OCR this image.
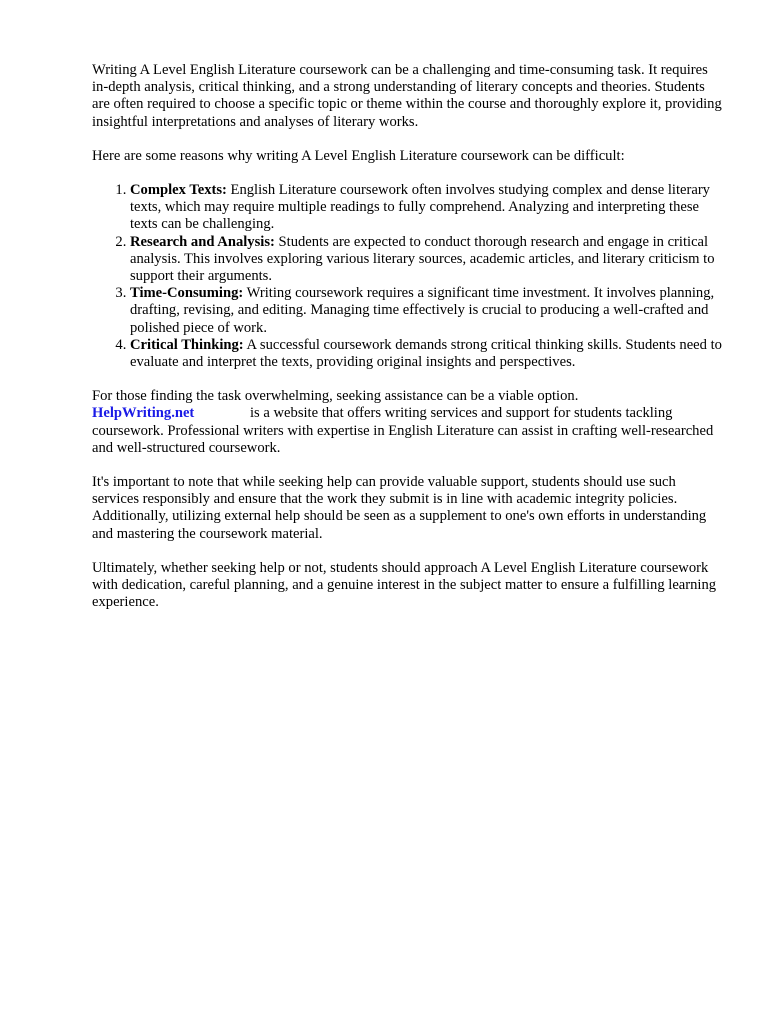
Writing A Level English Literature coursework can be a challenging and time-consuming task. It requires in-depth analysis, critical thinking, and a strong understanding of literary concepts and theories. Students are often required to choose a specific topic or theme within the course and thoroughly explore it, providing insightful interpretations and analyses of literary works.

Here are some reasons why writing A Level English Literature coursework can be difficult:

1. Complex Texts: English Literature coursework often involves studying complex and dense literary texts, which may require multiple readings to fully comprehend. Analyzing and interpreting these texts can be challenging.
2. Research and Analysis: Students are expected to conduct thorough research and engage in critical analysis. This involves exploring various literary sources, academic articles, and literary criticism to support their arguments.
3. Time-Consuming: Writing coursework requires a significant time investment. It involves planning, drafting, revising, and editing. Managing time effectively is crucial to producing a well-crafted and polished piece of work.
4. Critical Thinking: A successful coursework demands strong critical thinking skills. Students need to evaluate and interpret the texts, providing original insights and perspectives.

For those finding the task overwhelming, seeking assistance can be a viable option.
HelpWriting.net	is a website that offers writing services and support for students tackling coursework. Professional writers with expertise in English Literature can assist in crafting well-researched and well-structured coursework.

It's important to note that while seeking help can provide valuable support, students should use such services responsibly and ensure that the work they submit is in line with academic integrity policies. Additionally, utilizing external help should be seen as a supplement to one's own efforts in understanding and mastering the coursework material.

Ultimately, whether seeking help or not, students should approach A Level English Literature coursework with dedication, careful planning, and a genuine interest in the subject matter to ensure a fulfilling learning experience.
